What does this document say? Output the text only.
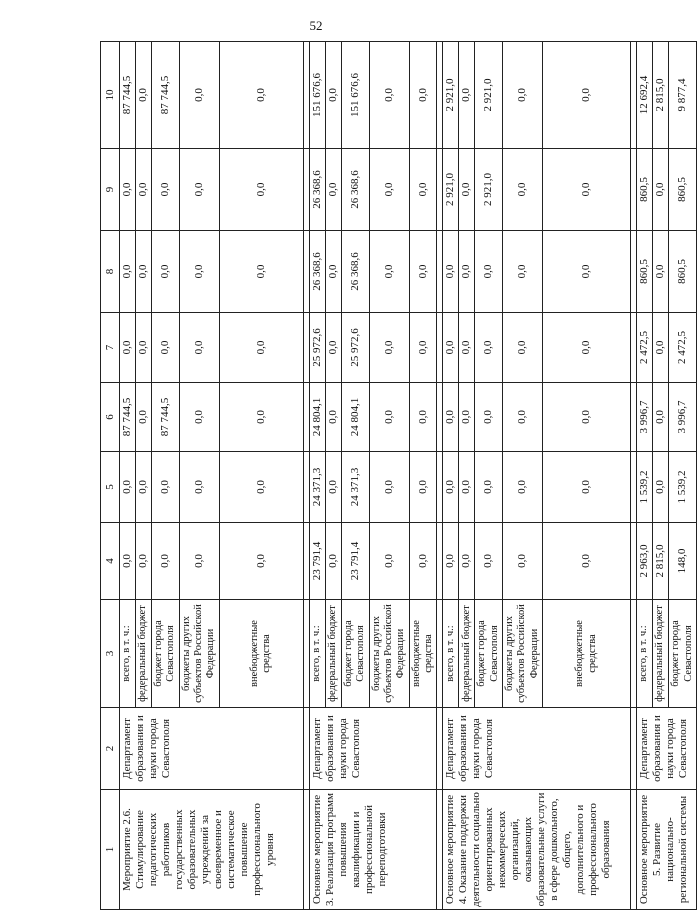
52
1	2	3	4	5	6	7	8	9	10
Мероприятие 2.6. Стимулирование педагогических работников государственных образовательных учреждений за своевременное и систематическое повышение профессионального уровня	Департамент образования и науки города Севастополя	всего, в т. ч.:	0,0	0,0	87 744,5	0,0	0,0	0,0	87 744,5
		федеральный бюджет	0,0	0,0	0,0	0,0	0,0	0,0	0,0
		бюджет города Севастополя	0,0	0,0	87 744,5	0,0	0,0	0,0	87 744,5
		бюджеты других субъектов Российской Федерации	0,0	0,0	0,0	0,0	0,0	0,0	0,0
		внебюджетные средства	0,0	0,0	0,0	0,0	0,0	0,0	0,0

Основное мероприятие 3. Реализация программ повышения квалификации и профессиональной переподготовки	Департамент образования и науки города Севастополя	всего, в т. ч.:	23 791,4	24 371,3	24 804,1	25 972,6	26 368,6	26 368,6	151 676,6
		федеральный бюджет	0,0	0,0	0,0	0,0	0,0	0,0	0,0
		бюджет города Севастополя	23 791,4	24 371,3	24 804,1	25 972,6	26 368,6	26 368,6	151 676,6
		бюджеты других субъектов Российской Федерации	0,0	0,0	0,0	0,0	0,0	0,0	0,0
		внебюджетные средства	0,0	0,0	0,0	0,0	0,0	0,0	0,0

Основное мероприятие 4. Оказание поддержки деятельности социально ориентированных некоммерческих организаций, оказывающих образовательные услуги в сфере дошкольного, общего, дополнительного и профессионального образования	Департамент образования и науки города Севастополя	всего, в т. ч.:	0,0	0,0	0,0	0,0	0,0	2 921,0	2 921,0
		федеральный бюджет	0,0	0,0	0,0	0,0	0,0	0,0	0,0
		бюджет города Севастополя	0,0	0,0	0,0	0,0	0,0	2 921,0	2 921,0
		бюджеты других субъектов Российской Федерации	0,0	0,0	0,0	0,0	0,0	0,0	0,0
		внебюджетные средства	0,0	0,0	0,0	0,0	0,0	0,0	0,0

Основное мероприятие 5. Развитие национально-региональной системы	Департамент образования и науки города Севастополя	всего, в т. ч.:	2 963,0	1 539,2	3 996,7	2 472,5	860,5	860,5	12 692,4
		федеральный бюджет	2 815,0	0,0	0,0	0,0	0,0	0,0	2 815,0
		бюджет города Севастополя	148,0	1 539,2	3 996,7	2 472,5	860,5	860,5	9 877,4
